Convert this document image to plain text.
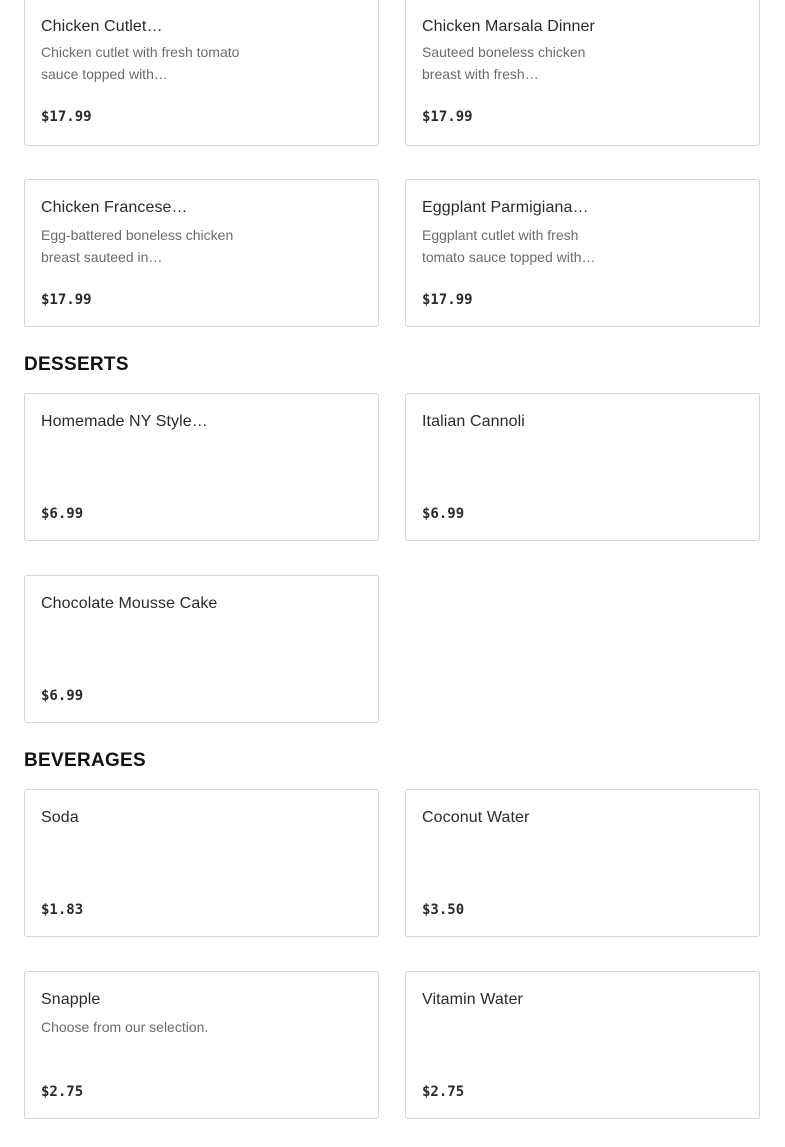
Chicken Cutlet…
Chicken cutlet with fresh tomato sauce topped with…
$17.99
Chicken Marsala Dinner
Sauteed boneless chicken breast with fresh…
$17.99
Chicken Francese…
Egg-battered boneless chicken breast sauteed in…
$17.99
Eggplant Parmigiana…
Eggplant cutlet with fresh tomato sauce topped with…
$17.99
DESSERTS
Homemade NY Style…
$6.99
Italian Cannoli
$6.99
Chocolate Mousse Cake
$6.99
BEVERAGES
Soda
$1.83
Coconut Water
$3.50
Snapple
Choose from our selection.
$2.75
Vitamin Water
$2.75
